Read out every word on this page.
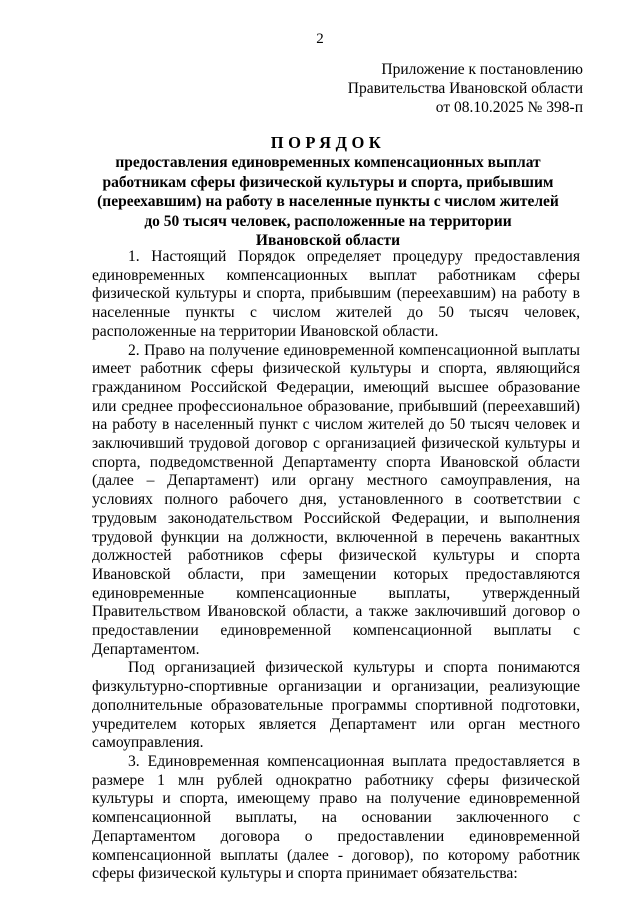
2
Приложение к постановлению
Правительства Ивановской области
от 08.10.2025 № 398-п
ПОРЯДОК
предоставления единовременных компенсационных выплат
работникам сферы физической культуры и спорта, прибывшим
(переехавшим) на работу в населенные пункты с числом жителей
до 50 тысяч человек, расположенные на территории
Ивановской области

1. Настоящий Порядок определяет процедуру предоставления единовременных компенсационных выплат работникам сферы физической культуры и спорта, прибывшим (переехавшим) на работу в населенные пункты с числом жителей до 50 тысяч человек, расположенные на территории Ивановской области.

2. Право на получение единовременной компенсационной выплаты имеет работник сферы физической культуры и спорта, являющийся гражданином Российской Федерации, имеющий высшее образование или среднее профессиональное образование, прибывший (переехавший) на работу в населенный пункт с числом жителей до 50 тысяч человек и заключивший трудовой договор с организацией физической культуры и спорта, подведомственной Департаменту спорта Ивановской области (далее – Департамент) или органу местного самоуправления, на условиях полного рабочего дня, установленного в соответствии с трудовым законодательством Российской Федерации, и выполнения трудовой функции на должности, включенной в перечень вакантных должностей работников сферы физической культуры и спорта Ивановской области, при замещении которых предоставляются единовременные компенсационные выплаты, утвержденный Правительством Ивановской области, а также заключивший договор о предоставлении единовременной компенсационной выплаты с Департаментом.

Под организацией физической культуры и спорта понимаются физкультурно-спортивные организации и организации, реализующие дополнительные образовательные программы спортивной подготовки, учредителем которых является Департамент или орган местного самоуправления.

3. Единовременная компенсационная выплата предоставляется в размере 1 млн рублей однократно работнику сферы физической культуры и спорта, имеющему право на получение единовременной компенсационной выплаты, на основании заключенного с Департаментом договора о предоставлении единовременной компенсационной выплаты (далее - договор), по которому работник сферы физической культуры и спорта принимает обязательства:
